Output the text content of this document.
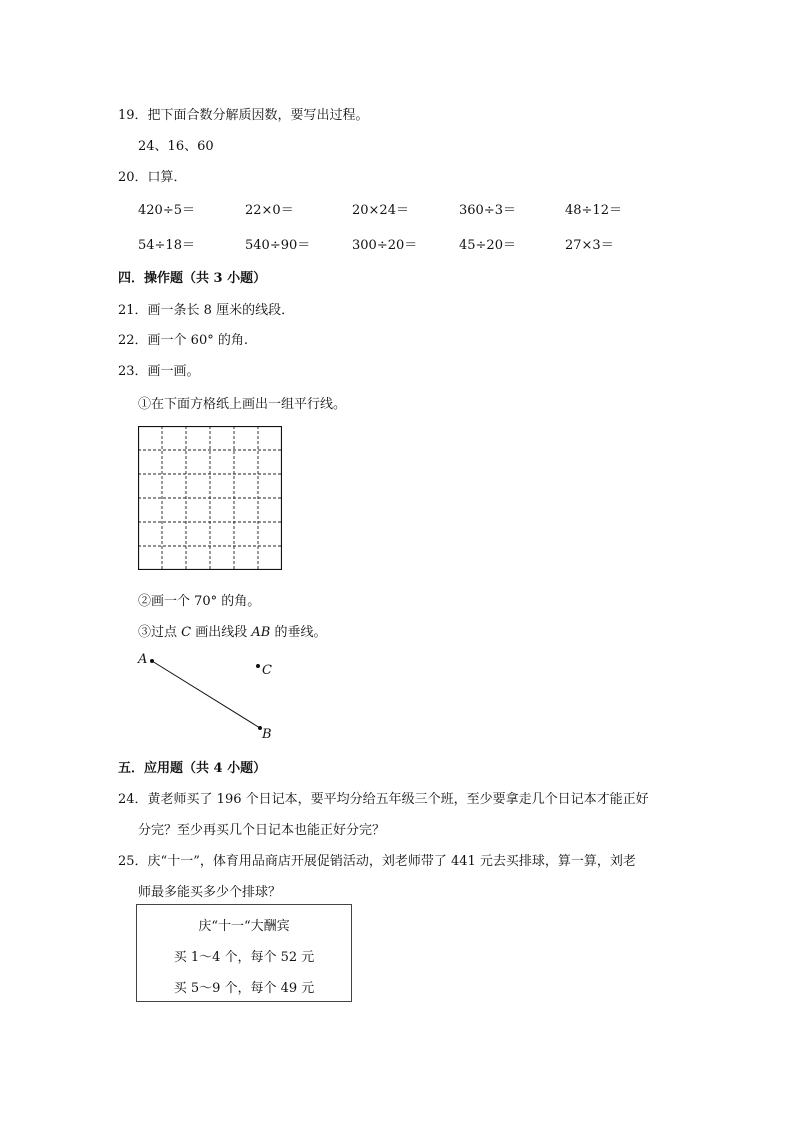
19．把下面合数分解质因数，要写出过程。
24、16、60
20．口算．
420÷5＝	22×0＝	20×24＝	360÷3＝	48÷12＝
54÷18＝	540÷90＝	300÷20＝	45÷20＝	27×3＝
四．操作题（共 3 小题）
21．画一条长 8 厘米的线段．
22．画一个 60° 的角.
23．画一画。
①在下面方格纸上画出一组平行线。
②画一个 70° 的角。
③过点 C 画出线段 AB 的垂线。
A
B
C
五．应用题（共 4 小题）
24．黄老师买了 196 个日记本，要平均分给五年级三个班，至少要拿走几个日记本才能正好
分完？至少再买几个日记本也能正好分完？
25．庆“十一”，体育用品商店开展促销活动，刘老师带了 441 元去买排球，算一算，刘老
师最多能买多少个排球？
庆“十一“大酬宾
买 1～4 个，每个 52 元
买 5～9 个，每个 49 元
